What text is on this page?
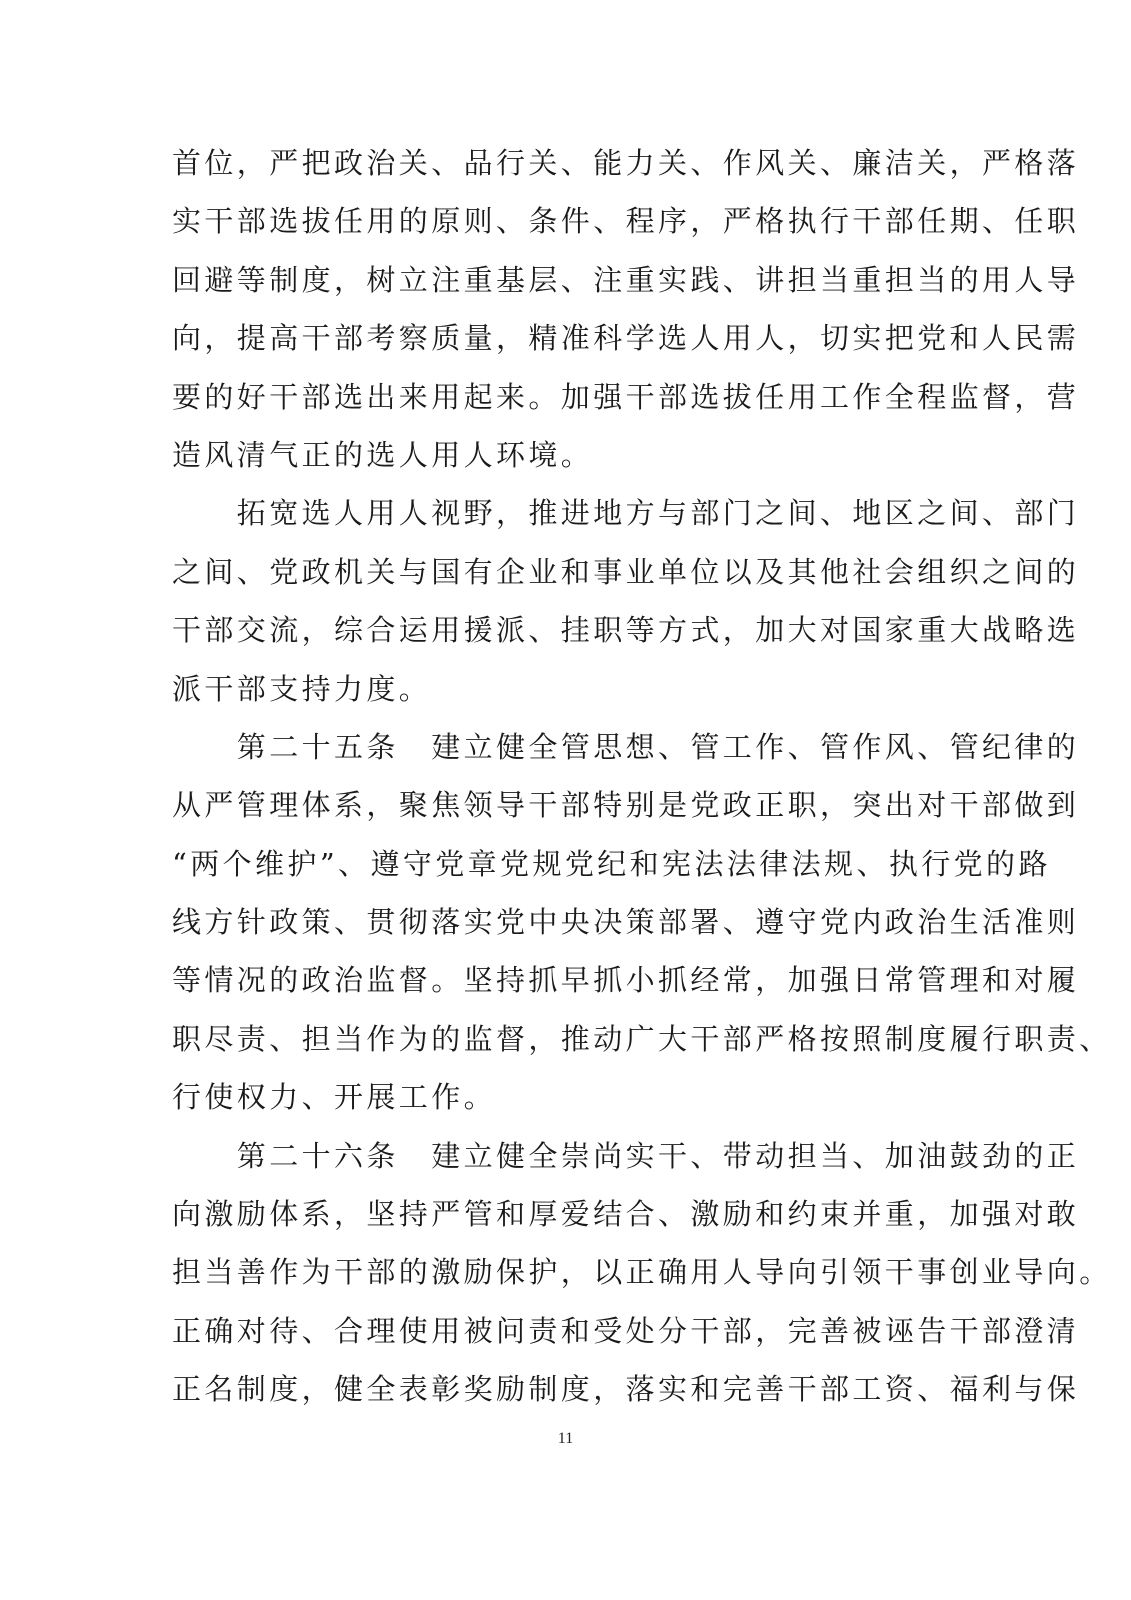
首位，严把政治关、品行关、能力关、作风关、廉洁关，严格落
实干部选拔任用的原则、条件、程序，严格执行干部任期、任职
回避等制度，树立注重基层、注重实践、讲担当重担当的用人导
向，提高干部考察质量，精准科学选人用人，切实把党和人民需
要的好干部选出来用起来。加强干部选拔任用工作全程监督，营
造风清气正的选人用人环境。
　　拓宽选人用人视野，推进地方与部门之间、地区之间、部门
之间、党政机关与国有企业和事业单位以及其他社会组织之间的
干部交流，综合运用援派、挂职等方式，加大对国家重大战略选
派干部支持力度。
　　第二十五条　建立健全管思想、管工作、管作风、管纪律的
从严管理体系，聚焦领导干部特别是党政正职，突出对干部做到
“两个维护”、遵守党章党规党纪和宪法法律法规、执行党的路
线方针政策、贯彻落实党中央决策部署、遵守党内政治生活准则
等情况的政治监督。坚持抓早抓小抓经常，加强日常管理和对履
职尽责、担当作为的监督，推动广大干部严格按照制度履行职责、
行使权力、开展工作。
　　第二十六条　建立健全崇尚实干、带动担当、加油鼓劲的正
向激励体系，坚持严管和厚爱结合、激励和约束并重，加强对敢
担当善作为干部的激励保护，以正确用人导向引领干事创业导向。
正确对待、合理使用被问责和受处分干部，完善被诬告干部澄清
正名制度，健全表彰奖励制度，落实和完善干部工资、福利与保
11
